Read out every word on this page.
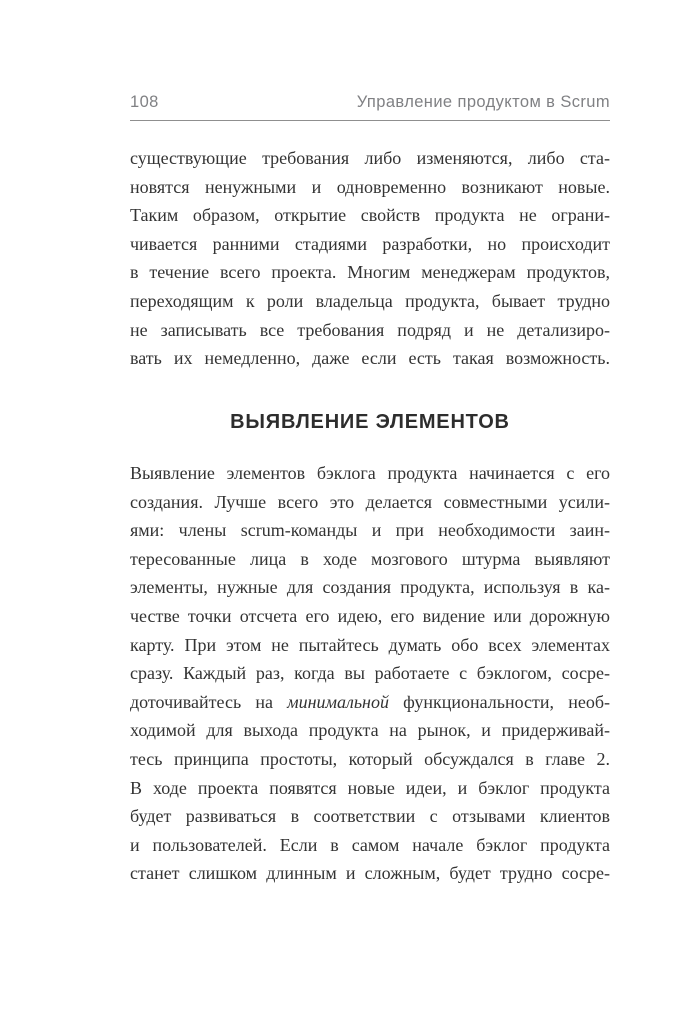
108	Управление продуктом в Scrum
существующие требования либо изменяются, либо ста-
новятся ненужными и одновременно возникают новые.
Таким образом, открытие свойств продукта не ограни-
чивается ранними стадиями разработки, но происходит
в течение всего проекта. Многим менеджерам продуктов,
переходящим к роли владельца продукта, бывает трудно
не записывать все требования подряд и не детализиро-
вать их немедленно, даже если есть такая возможность.
ВЫЯВЛЕНИЕ ЭЛЕМЕНТОВ
Выявление элементов бэклога продукта начинается с его
создания. Лучше всего это делается совместными усили-
ями: члены scrum-команды и при необходимости заин-
тересованные лица в ходе мозгового штурма выявляют
элементы, нужные для создания продукта, используя в ка-
честве точки отсчета его идею, его видение или дорожную
карту. При этом не пытайтесь думать обо всех элементах
сразу. Каждый раз, когда вы работаете с бэклогом, сосре-
доточивайтесь на минимальной функциональности, необ-
ходимой для выхода продукта на рынок, и придерживай-
тесь принципа простоты, который обсуждался в главе 2.
В ходе проекта появятся новые идеи, и бэклог продукта
будет развиваться в соответствии с отзывами клиентов
и пользователей. Если в самом начале бэклог продукта
станет слишком длинным и сложным, будет трудно сосре-
